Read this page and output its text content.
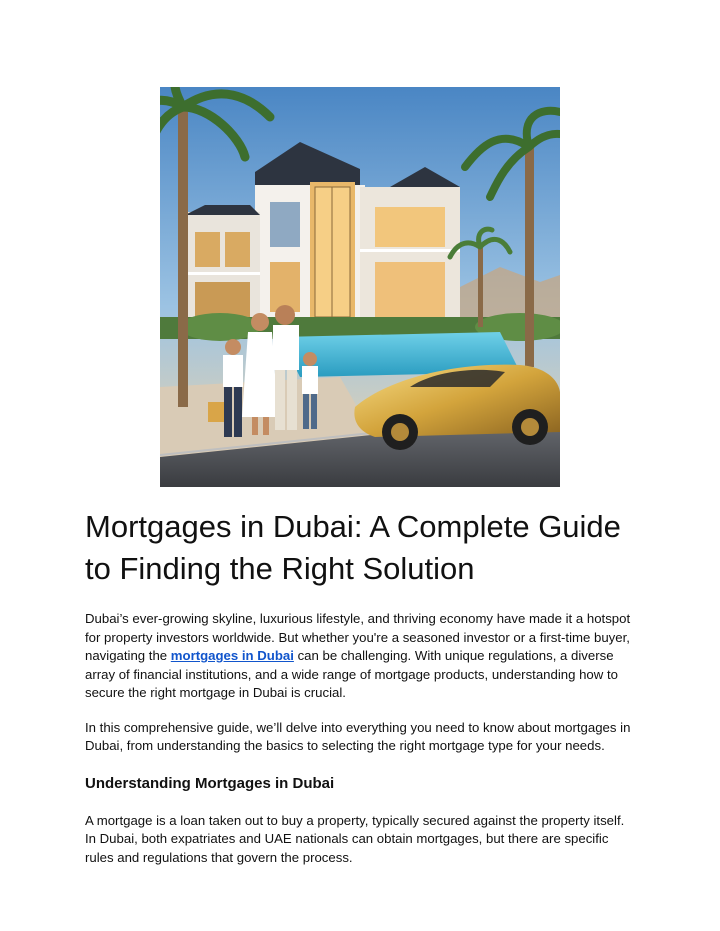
Mortgages in Dubai: A Complete Guide to Finding the Right Solution

Dubai’s ever-growing skyline, luxurious lifestyle, and thriving economy have made it a hotspot for property investors worldwide. But whether you're a seasoned investor or a first-time buyer, navigating the mortgages in Dubai can be challenging. With unique regulations, a diverse array of financial institutions, and a wide range of mortgage products, understanding how to secure the right mortgage in Dubai is crucial.

In this comprehensive guide, we’ll delve into everything you need to know about mortgages in Dubai, from understanding the basics to selecting the right mortgage type for your needs.

Understanding Mortgages in Dubai

A mortgage is a loan taken out to buy a property, typically secured against the property itself. In Dubai, both expatriates and UAE nationals can obtain mortgages, but there are specific rules and regulations that govern the process.
